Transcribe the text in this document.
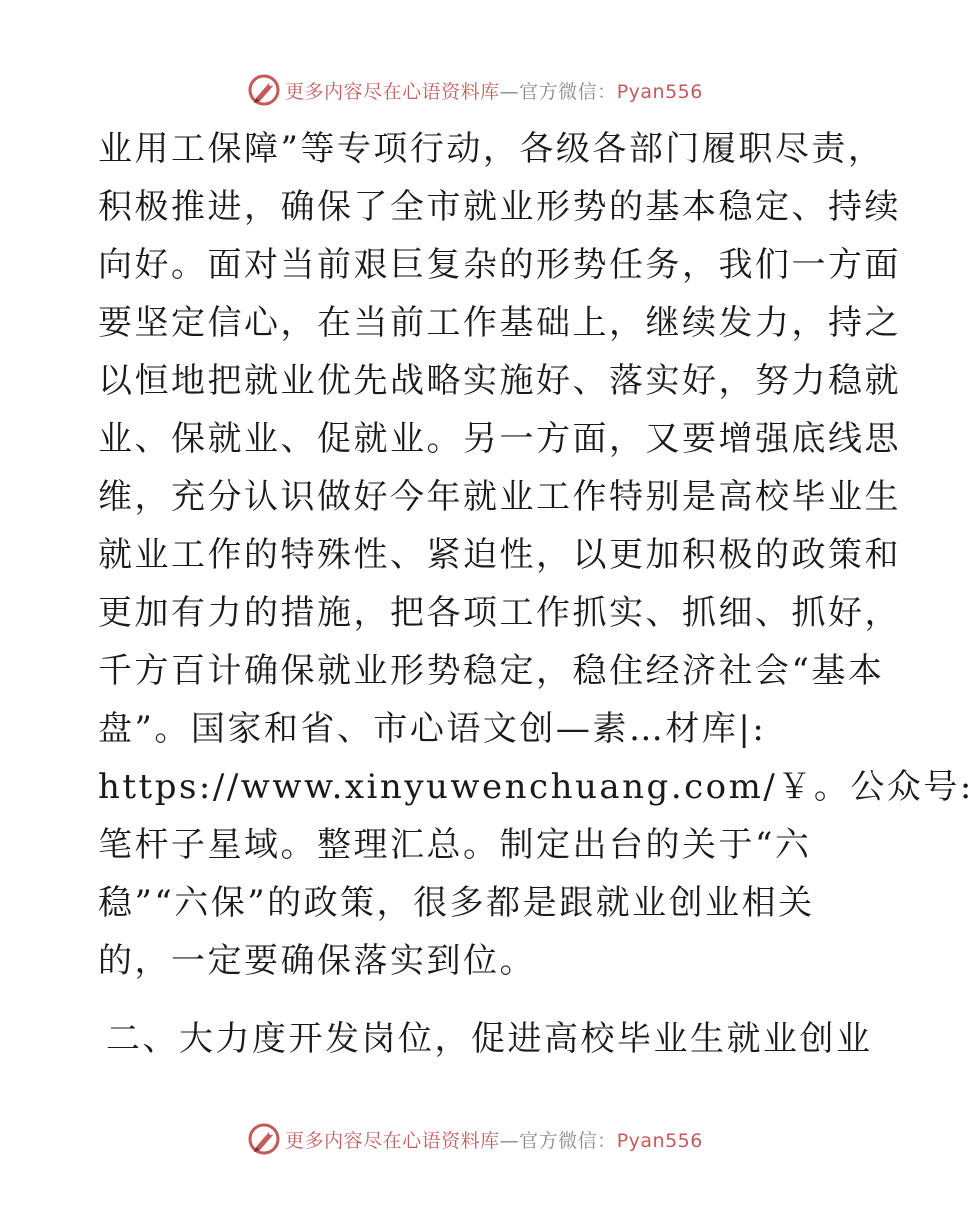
更多内容尽在心语资料库—官方微信：Pyan556
业用工保障”等专项行动，各级各部门履职尽责，
积极推进，确保了全市就业形势的基本稳定、持续
向好。面对当前艰巨复杂的形势任务，我们一方面
要坚定信心，在当前工作基础上，继续发力，持之
以恒地把就业优先战略实施好、落实好，努力稳就
业、保就业、促就业。另一方面，又要增强底线思
维，充分认识做好今年就业工作特别是高校毕业生
就业工作的特殊性、紧迫性，以更加积极的政策和
更加有力的措施，把各项工作抓实、抓细、抓好，
千方百计确保就业形势稳定，稳住经济社会“基本
盘”。国家和省、市心语文创—素…材库|:
https://www.xinyuwenchuang.com/￥。公众号:
笔杆子星域。整理汇总。制定出台的关于“六
稳”“六保”的政策，很多都是跟就业创业相关
的，一定要确保落实到位。
二、大力度开发岗位，促进高校毕业生就业创业
更多内容尽在心语资料库—官方微信：Pyan556
